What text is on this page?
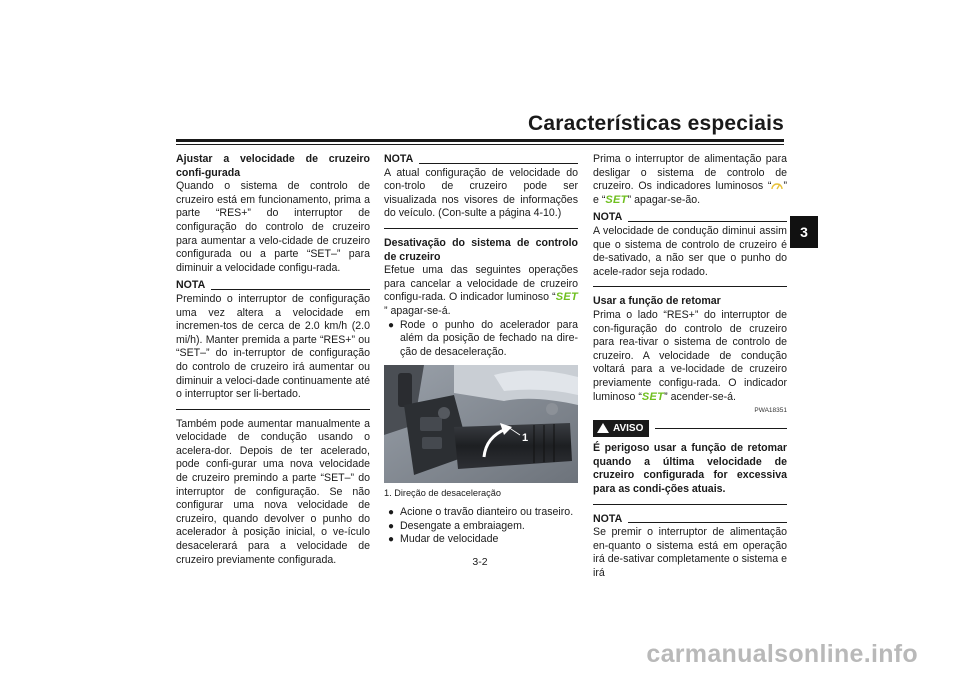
Características especiais
3

Ajustar a velocidade de cruzeiro confi-gurada

Quando o sistema de controlo de cruzeiro está em funcionamento, prima a parte “RES+” do interruptor de configuração do controlo de cruzeiro para aumentar a velo-cidade de cruzeiro configurada ou a parte “SET–” para diminuir a velocidade configu-rada.

NOTA

Premindo o interruptor de configuração uma vez altera a velocidade em incremen-tos de cerca de 2.0 km/h (2.0 mi/h). Manter premida a parte “RES+” ou “SET–” do in-terruptor de configuração do controlo de cruzeiro irá aumentar ou diminuir a veloci-dade continuamente até o interruptor ser li-bertado.

Também pode aumentar manualmente a velocidade de condução usando o acelera-dor. Depois de ter acelerado, pode confi-gurar uma nova velocidade de cruzeiro premindo a parte “SET–” do interruptor de configuração. Se não configurar uma nova velocidade de cruzeiro, quando devolver o punho do acelerador à posição inicial, o ve-ículo desacelerará para a velocidade de cruzeiro previamente configurada.

NOTA

A atual configuração de velocidade do con-trolo de cruzeiro pode ser visualizada nos visores de informações do veículo. (Con-sulte a página 4-10.)

Desativação do sistema de controlo de cruzeiro

Efetue uma das seguintes operações para cancelar a velocidade de cruzeiro configu-rada. O indicador luminoso “SET” apagar-se-á.

● Rode o punho do acelerador para além da posição de fechado na dire-ção de desaceleração.
1

1. Direção de desaceleração

● Acione o travão dianteiro ou traseiro.
● Desengate a embraiagem.
● Mudar de velocidade

Prima o interruptor de alimentação para desligar o sistema de controlo de cruzeiro. Os indicadores luminosos “ ” e “SET” apagar-se-ão.

NOTA

A velocidade de condução diminui assim que o sistema de controlo de cruzeiro é de-sativado, a não ser que o punho do acele-rador seja rodado.

Usar a função de retomar

Prima o lado “RES+” do interruptor de con-figuração do controlo de cruzeiro para rea-tivar o sistema de controlo de cruzeiro. A velocidade de condução voltará para a ve-locidade de cruzeiro previamente configu-rada. O indicador luminoso “SET” acender-se-á.

PWA18351
AVISO

É perigoso usar a função de retomar quando a última velocidade de cruzeiro configurada for excessiva para as condi-ções atuais.

NOTA

Se premir o interruptor de alimentação en-quanto o sistema está em operação irá de-sativar completamente o sistema e irá

3-2
carmanualsonline.info
